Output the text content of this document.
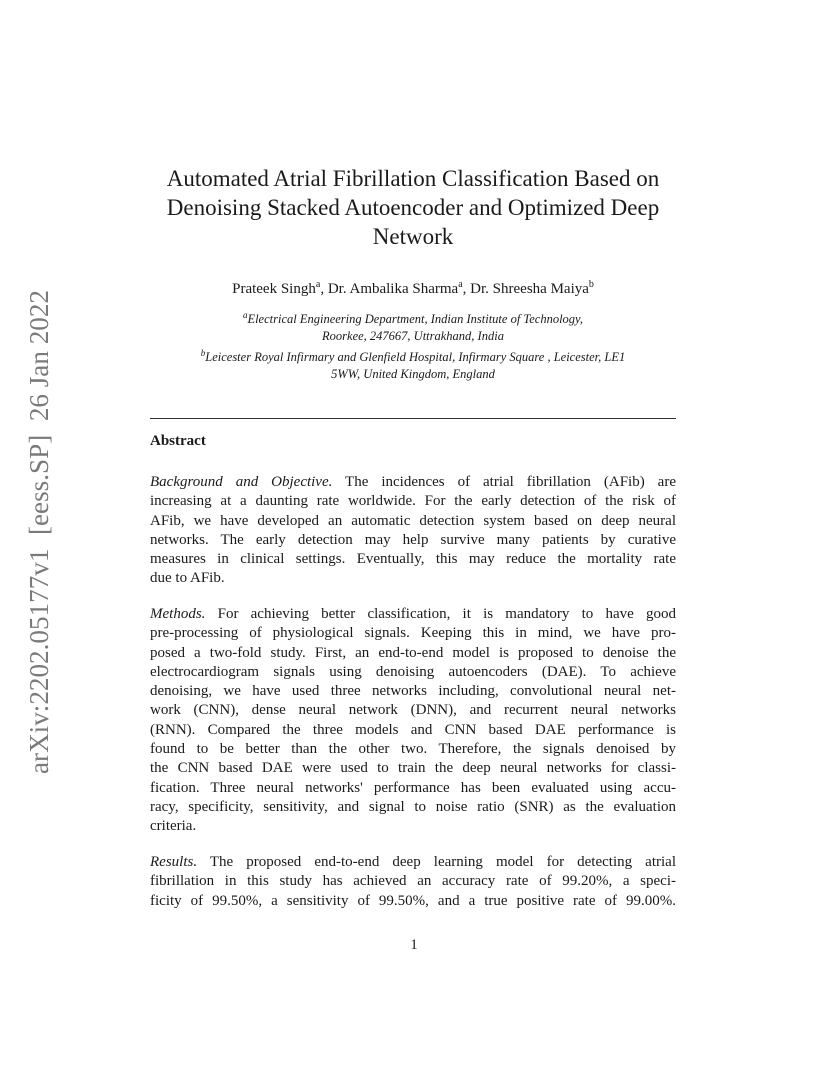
arXiv:2202.05177v1  [eess.SP]  26 Jan 2022
Automated Atrial Fibrillation Classification Based on
Denoising Stacked Autoencoder and Optimized Deep
Network
Prateek Singh$^a$, Dr. Ambalika Sharma$^a$, Dr. Shreesha Maiya$^b$
$^a$Electrical Engineering Department, Indian Institute of Technology,
Roorkee, 247667, Uttrakhand, India
$^b$Leicester Royal Infirmary and Glenfield Hospital, Infirmary Square , Leicester, LE1
5WW, United Kingdom, England
Abstract
Background and Objective. The incidences of atrial fibrillation (AFib) are
increasing at a daunting rate worldwide. For the early detection of the risk of
AFib, we have developed an automatic detection system based on deep neural
networks. The early detection may help survive many patients by curative
measures in clinical settings. Eventually, this may reduce the mortality rate
due to AFib.
Methods. For achieving better classification, it is mandatory to have good
pre-processing of physiological signals. Keeping this in mind, we have pro-
posed a two-fold study. First, an end-to-end model is proposed to denoise the
electrocardiogram signals using denoising autoencoders (DAE). To achieve
denoising, we have used three networks including, convolutional neural net-
work (CNN), dense neural network (DNN), and recurrent neural networks
(RNN). Compared the three models and CNN based DAE performance is
found to be better than the other two. Therefore, the signals denoised by
the CNN based DAE were used to train the deep neural networks for classi-
fication. Three neural networks' performance has been evaluated using accu-
racy, specificity, sensitivity, and signal to noise ratio (SNR) as the evaluation
criteria.
Results. The proposed end-to-end deep learning model for detecting atrial
fibrillation in this study has achieved an accuracy rate of 99.20%, a speci-
ficity of 99.50%, a sensitivity of 99.50%, and a true positive rate of 99.00%.
1
